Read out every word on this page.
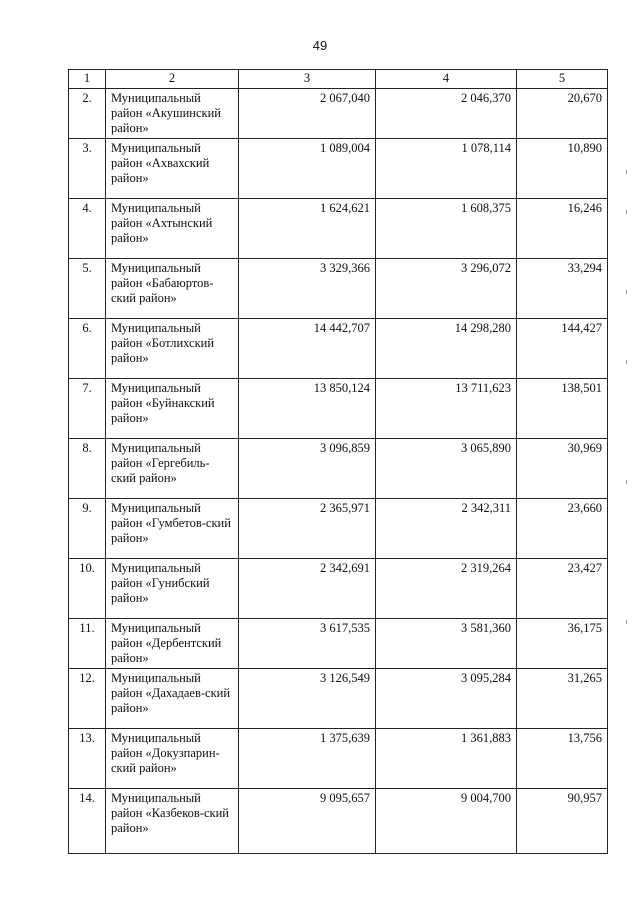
49
1	2	3	4	5
2.	Муниципальный район «Акушинский район»	2 067,040	2 046,370	20,670
3.	Муниципальный район «Ахвахский район»	1 089,004	1 078,114	10,890
4.	Муниципальный район «Ахтынский район»	1 624,621	1 608,375	16,246
5.	Муниципальный район «Бабаюртов-ский район»	3 329,366	3 296,072	33,294
6.	Муниципальный район «Ботлихский район»	14 442,707	14 298,280	144,427
7.	Муниципальный район «Буйнакский район»	13 850,124	13 711,623	138,501
8.	Муниципальный район «Гергебиль-ский район»	3 096,859	3 065,890	30,969
9.	Муниципальный район «Гумбетов-ский район»	2 365,971	2 342,311	23,660
10.	Муниципальный район «Гунибский район»	2 342,691	2 319,264	23,427
11.	Муниципальный район «Дербентский район»	3 617,535	3 581,360	36,175
12.	Муниципальный район «Дахадаев-ский район»	3 126,549	3 095,284	31,265
13.	Муниципальный район «Докузпарин-ский район»	1 375,639	1 361,883	13,756
14.	Муниципальный район «Казбеков-ский район»	9 095,657	9 004,700	90,957
